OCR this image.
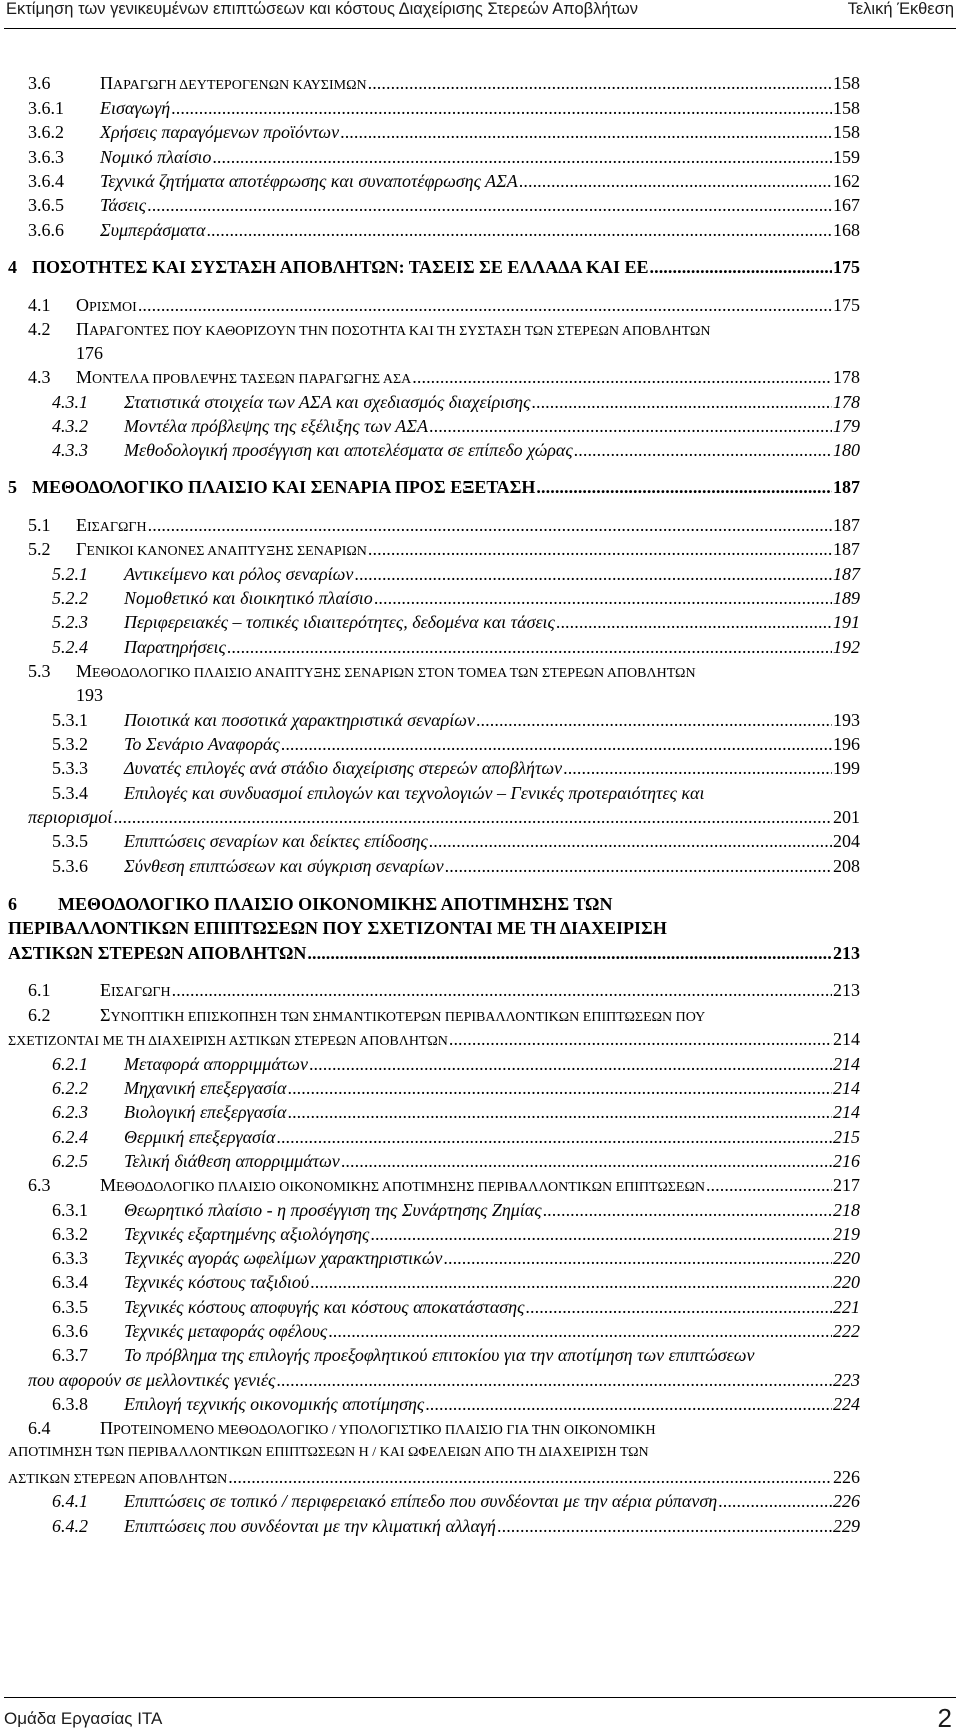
Εκτίμηση των γενικευμένων επιπτώσεων και κόστους Διαχείρισης Στερεών Αποβλήτων	Τελική Έκθεση
3.6	ΠΑΡΑΓΩΓΗ ΔΕΥΤΕΡΟΓΕΝΩΝ ΚΑΥΣΙΜΩΝ . . .	158
3.6.1 Εισαγωγή . . .	158
3.6.2 Χρήσεις παραγόμενων προϊόντων . . .	158
3.6.3 Νομικό πλαίσιο . . .	159
3.6.4 Τεχνικά ζητήματα αποτέφρωσης και συναποτέφρωσης ΑΣΑ . . .	162
3.6.5 Τάσεις . . .	167
3.6.6 Συμπεράσματα . . .	168
4 ΠΟΣΟΤΗΤΕΣ ΚΑΙ ΣΥΣΤΑΣΗ ΑΠΟΒΛΗΤΩΝ: ΤΑΣΕΙΣ ΣΕ ΕΛΛΑΔΑ ΚΑΙ ΕΕ . . .	175
4.1 ΟΡΙΣΜΟΙ . . .	175
4.2 ΠΑΡΑΓΟΝΤΕΣ ΠΟΥ ΚΑΘΟΡΙΖΟΥΝ ΤΗΝ ΠΟΣΟΤΗΤΑ ΚΑΙ ΤΗ ΣΥΣΤΑΣΗ ΤΩΝ ΣΤΕΡΕΩΝ ΑΠΟΒΛΗΤΩΝ
176
4.3 ΜΟΝΤΕΛΑ ΠΡΟΒΛΕΨΗΣ ΤΑΣΕΩΝ ΠΑΡΑΓΩΓΗΣ ΑΣΑ . . .	178
4.3.1 Στατιστικά στοιχεία των ΑΣΑ και σχεδιασμός διαχείρισης . . .	178
4.3.2 Μοντέλα πρόβλεψης της εξέλιξης των ΑΣΑ . . .	179
4.3.3 Μεθοδολογική προσέγγιση και αποτελέσματα σε επίπεδο χώρας . . .	180
5 ΜΕΘΟΔΟΛΟΓΙΚΟ ΠΛΑΙΣΙΟ ΚΑΙ ΣΕΝΑΡΙΑ ΠΡΟΣ ΕΞΕΤΑΣΗ . . .	187
5.1 ΕΙΣΑΓΩΓΗ . . .	187
5.2 ΓΕΝΙΚΟΙ ΚΑΝΟΝΕΣ ΑΝΑΠΤΥΞΗΣ ΣΕΝΑΡΙΩΝ . . .	187
5.2.1 Αντικείμενο και ρόλος σεναρίων . . .	187
5.2.2 Νομοθετικό και διοικητικό πλαίσιο . . .	189
5.2.3 Περιφερειακές – τοπικές ιδιαιτερότητες, δεδομένα και τάσεις . . .	191
5.2.4 Παρατηρήσεις . . .	192
5.3 ΜΕΘΟΔΟΛΟΓΙΚΟ ΠΛΑΙΣΙΟ ΑΝΑΠΤΥΞΗΣ ΣΕΝΑΡΙΩΝ ΣΤΟΝ ΤΟΜΕΑ ΤΩΝ ΣΤΕΡΕΩΝ ΑΠΟΒΛΗΤΩΝ
193
5.3.1 Ποιοτικά και ποσοτικά χαρακτηριστικά σεναρίων . . .	193
5.3.2 Το Σενάριο Αναφοράς . . .	196
5.3.3 Δυνατές επιλογές ανά στάδιο διαχείρισης στερεών αποβλήτων . . .	199
5.3.4 Επιλογές και συνδυασμοί επιλογών και τεχνολογιών – Γενικές προτεραιότητες και
περιορισμοί . . .	201
5.3.5 Επιπτώσεις σεναρίων και δείκτες επίδοσης . . .	204
5.3.6 Σύνθεση επιπτώσεων και σύγκριση σεναρίων . . .	208
6 ΜΕΘΟΔΟΛΟΓΙΚΟ ΠΛΑΙΣΙΟ ΟΙΚΟΝΟΜΙΚΗΣ ΑΠΟΤΙΜΗΣΗΣ ΤΩΝ
ΠΕΡΙΒΑΛΛΟΝΤΙΚΩΝ ΕΠΙΠΤΩΣΕΩΝ ΠΟΥ ΣΧΕΤΙΖΟΝΤΑΙ ΜΕ ΤΗ ΔΙΑΧΕΙΡΙΣΗ
ΑΣΤΙΚΩΝ ΣΤΕΡΕΩΝ ΑΠΟΒΛΗΤΩΝ . . .	213
6.1	ΕΙΣΑΓΩΓΗ . . .	213
6.2	ΣΥΝΟΠΤΙΚΗ ΕΠΙΣΚΟΠΗΣΗ ΤΩΝ ΣΗΜΑΝΤΙΚΟΤΕΡΩΝ ΠΕΡΙΒΑΛΛΟΝΤΙΚΩΝ ΕΠΙΠΤΩΣΕΩΝ ΠΟΥ
ΣΧΕΤΙΖΟΝΤΑΙ ΜΕ ΤΗ ΔΙΑΧΕΙΡΙΣΗ ΑΣΤΙΚΩΝ ΣΤΕΡΕΩΝ ΑΠΟΒΛΗΤΩΝ . . .	214
6.2.1 Μεταφορά απορριμμάτων . . .	214
6.2.2 Μηχανική επεξεργασία . . .	214
6.2.3 Βιολογική επεξεργασία . . .	214
6.2.4 Θερμική επεξεργασία . . .	215
6.2.5 Τελική διάθεση απορριμμάτων . . .	216
6.3	ΜΕΘΟΔΟΛΟΓΙΚΟ ΠΛΑΙΣΙΟ ΟΙΚΟΝΟΜΙΚΗΣ ΑΠΟΤΙΜΗΣΗΣ ΠΕΡΙΒΑΛΛΟΝΤΙΚΩΝ ΕΠΙΠΤΩΣΕΩΝ . . .	217
6.3.1 Θεωρητικό πλαίσιο - η προσέγγιση της Συνάρτησης Ζημίας . . .	218
6.3.2 Τεχνικές εξαρτημένης αξιολόγησης . . .	219
6.3.3 Τεχνικές αγοράς ωφελίμων χαρακτηριστικών . . .	220
6.3.4 Τεχνικές κόστους ταξιδιού . . .	220
6.3.5 Τεχνικές κόστους αποφυγής και κόστους αποκατάστασης . . .	221
6.3.6 Τεχνικές μεταφοράς οφέλους . . .	222
6.3.7 Το πρόβλημα της επιλογής προεξοφλητικού επιτοκίου για την αποτίμηση των επιπτώσεων
που αφορούν σε μελλοντικές γενιές . . .	223
6.3.8 Επιλογή τεχνικής οικονομικής αποτίμησης . . .	224
6.4	ΠΡΟΤΕΙΝΟΜΕΝΟ ΜΕΘΟΔΟΛΟΓΙΚΟ / ΥΠΟΛΟΓΙΣΤΙΚΟ ΠΛΑΙΣΙΟ ΓΙΑ ΤΗΝ ΟΙΚΟΝΟΜΙΚΗ
ΑΠΟΤΙΜΗΣΗ ΤΩΝ ΠΕΡΙΒΑΛΛΟΝΤΙΚΩΝ ΕΠΙΠΤΩΣΕΩΝ Η / ΚΑΙ ΩΦΕΛΕΙΩΝ ΑΠΟ ΤΗ ΔΙΑΧΕΙΡΙΣΗ ΤΩΝ
ΑΣΤΙΚΩΝ ΣΤΕΡΕΩΝ ΑΠΟΒΛΗΤΩΝ . . .	226
6.4.1 Επιπτώσεις σε τοπικό / περιφερειακό επίπεδο που συνδέονται με την αέρια ρύπανση . . .	226
6.4.2 Επιπτώσεις που συνδέονται με την κλιματική αλλαγή . . .	229
Ομάδα Εργασίας ΙΤΑ	2
